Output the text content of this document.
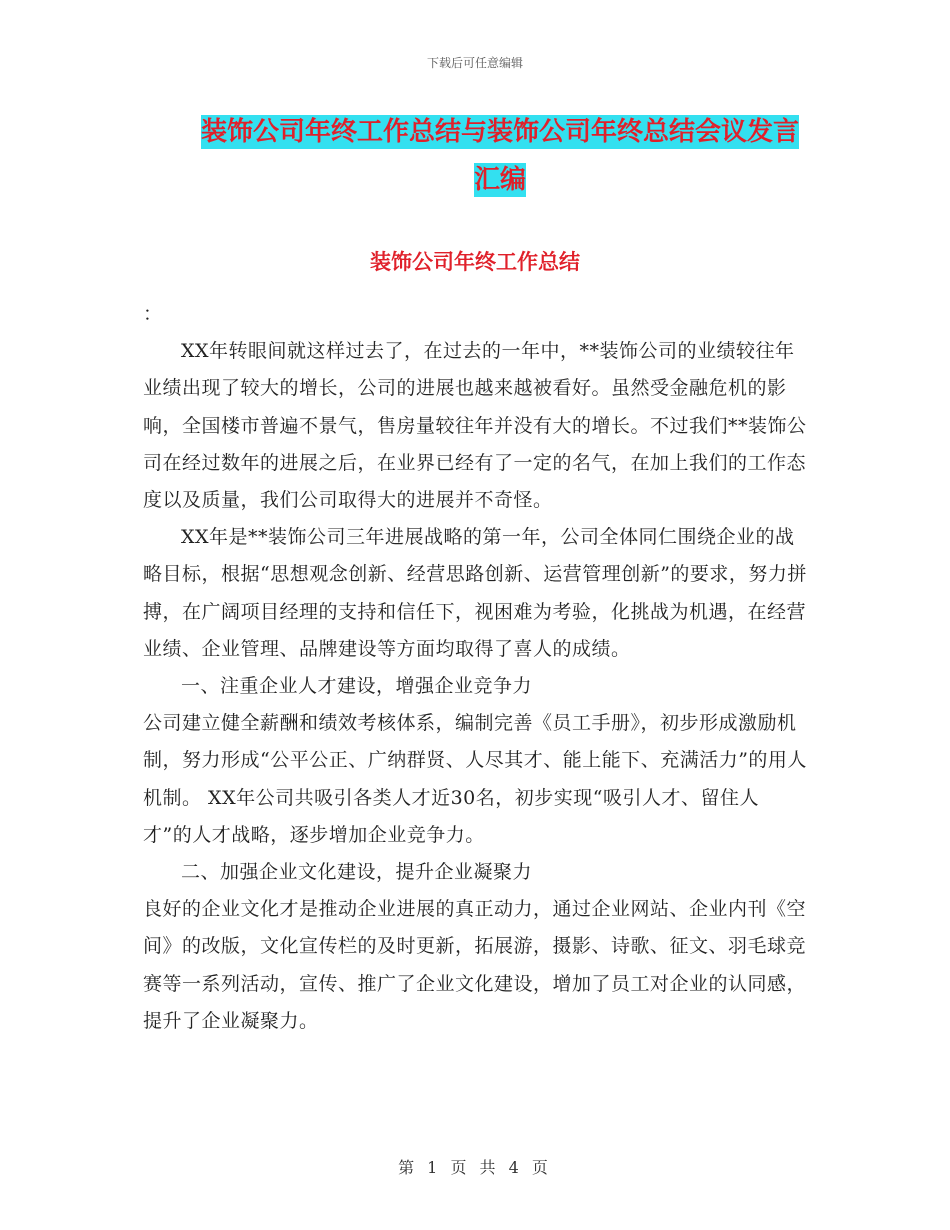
下载后可任意编辑
装饰公司年终工作总结与装饰公司年终总结会议发言
汇编
装饰公司年终工作总结

：

XX年转眼间就这样过去了，在过去的一年中，**装饰公司的业绩较往年业绩出现了较大的增长，公司的进展也越来越被看好。虽然受金融危机的影响，全国楼市普遍不景气，售房量较往年并没有大的增长。不过我们**装饰公司在经过数年的进展之后，在业界已经有了一定的名气，在加上我们的工作态度以及质量，我们公司取得大的进展并不奇怪。

XX年是**装饰公司三年进展战略的第一年，公司全体同仁围绕企业的战略目标，根据“思想观念创新、经营思路创新、运营管理创新”的要求，努力拼搏，在广阔项目经理的支持和信任下，视困难为考验，化挑战为机遇，在经营业绩、企业管理、品牌建设等方面均取得了喜人的成绩。

一、注重企业人才建设，增强企业竞争力

公司建立健全薪酬和绩效考核体系，编制完善《员工手册》，初步形成激励机制，努力形成“公平公正、广纳群贤、人尽其才、能上能下、充满活力”的用人机制。 XX年公司共吸引各类人才近30名，初步实现“吸引人才、留住人才”的人才战略，逐步增加企业竞争力。

二、加强企业文化建设，提升企业凝聚力

良好的企业文化才是推动企业进展的真正动力，通过企业网站、企业内刊《空间》的改版，文化宣传栏的及时更新，拓展游，摄影、诗歌、征文、羽毛球竞赛等一系列活动，宣传、推广了企业文化建设，增加了员工对企业的认同感，提升了企业凝聚力。

第 1 页 共 4 页
